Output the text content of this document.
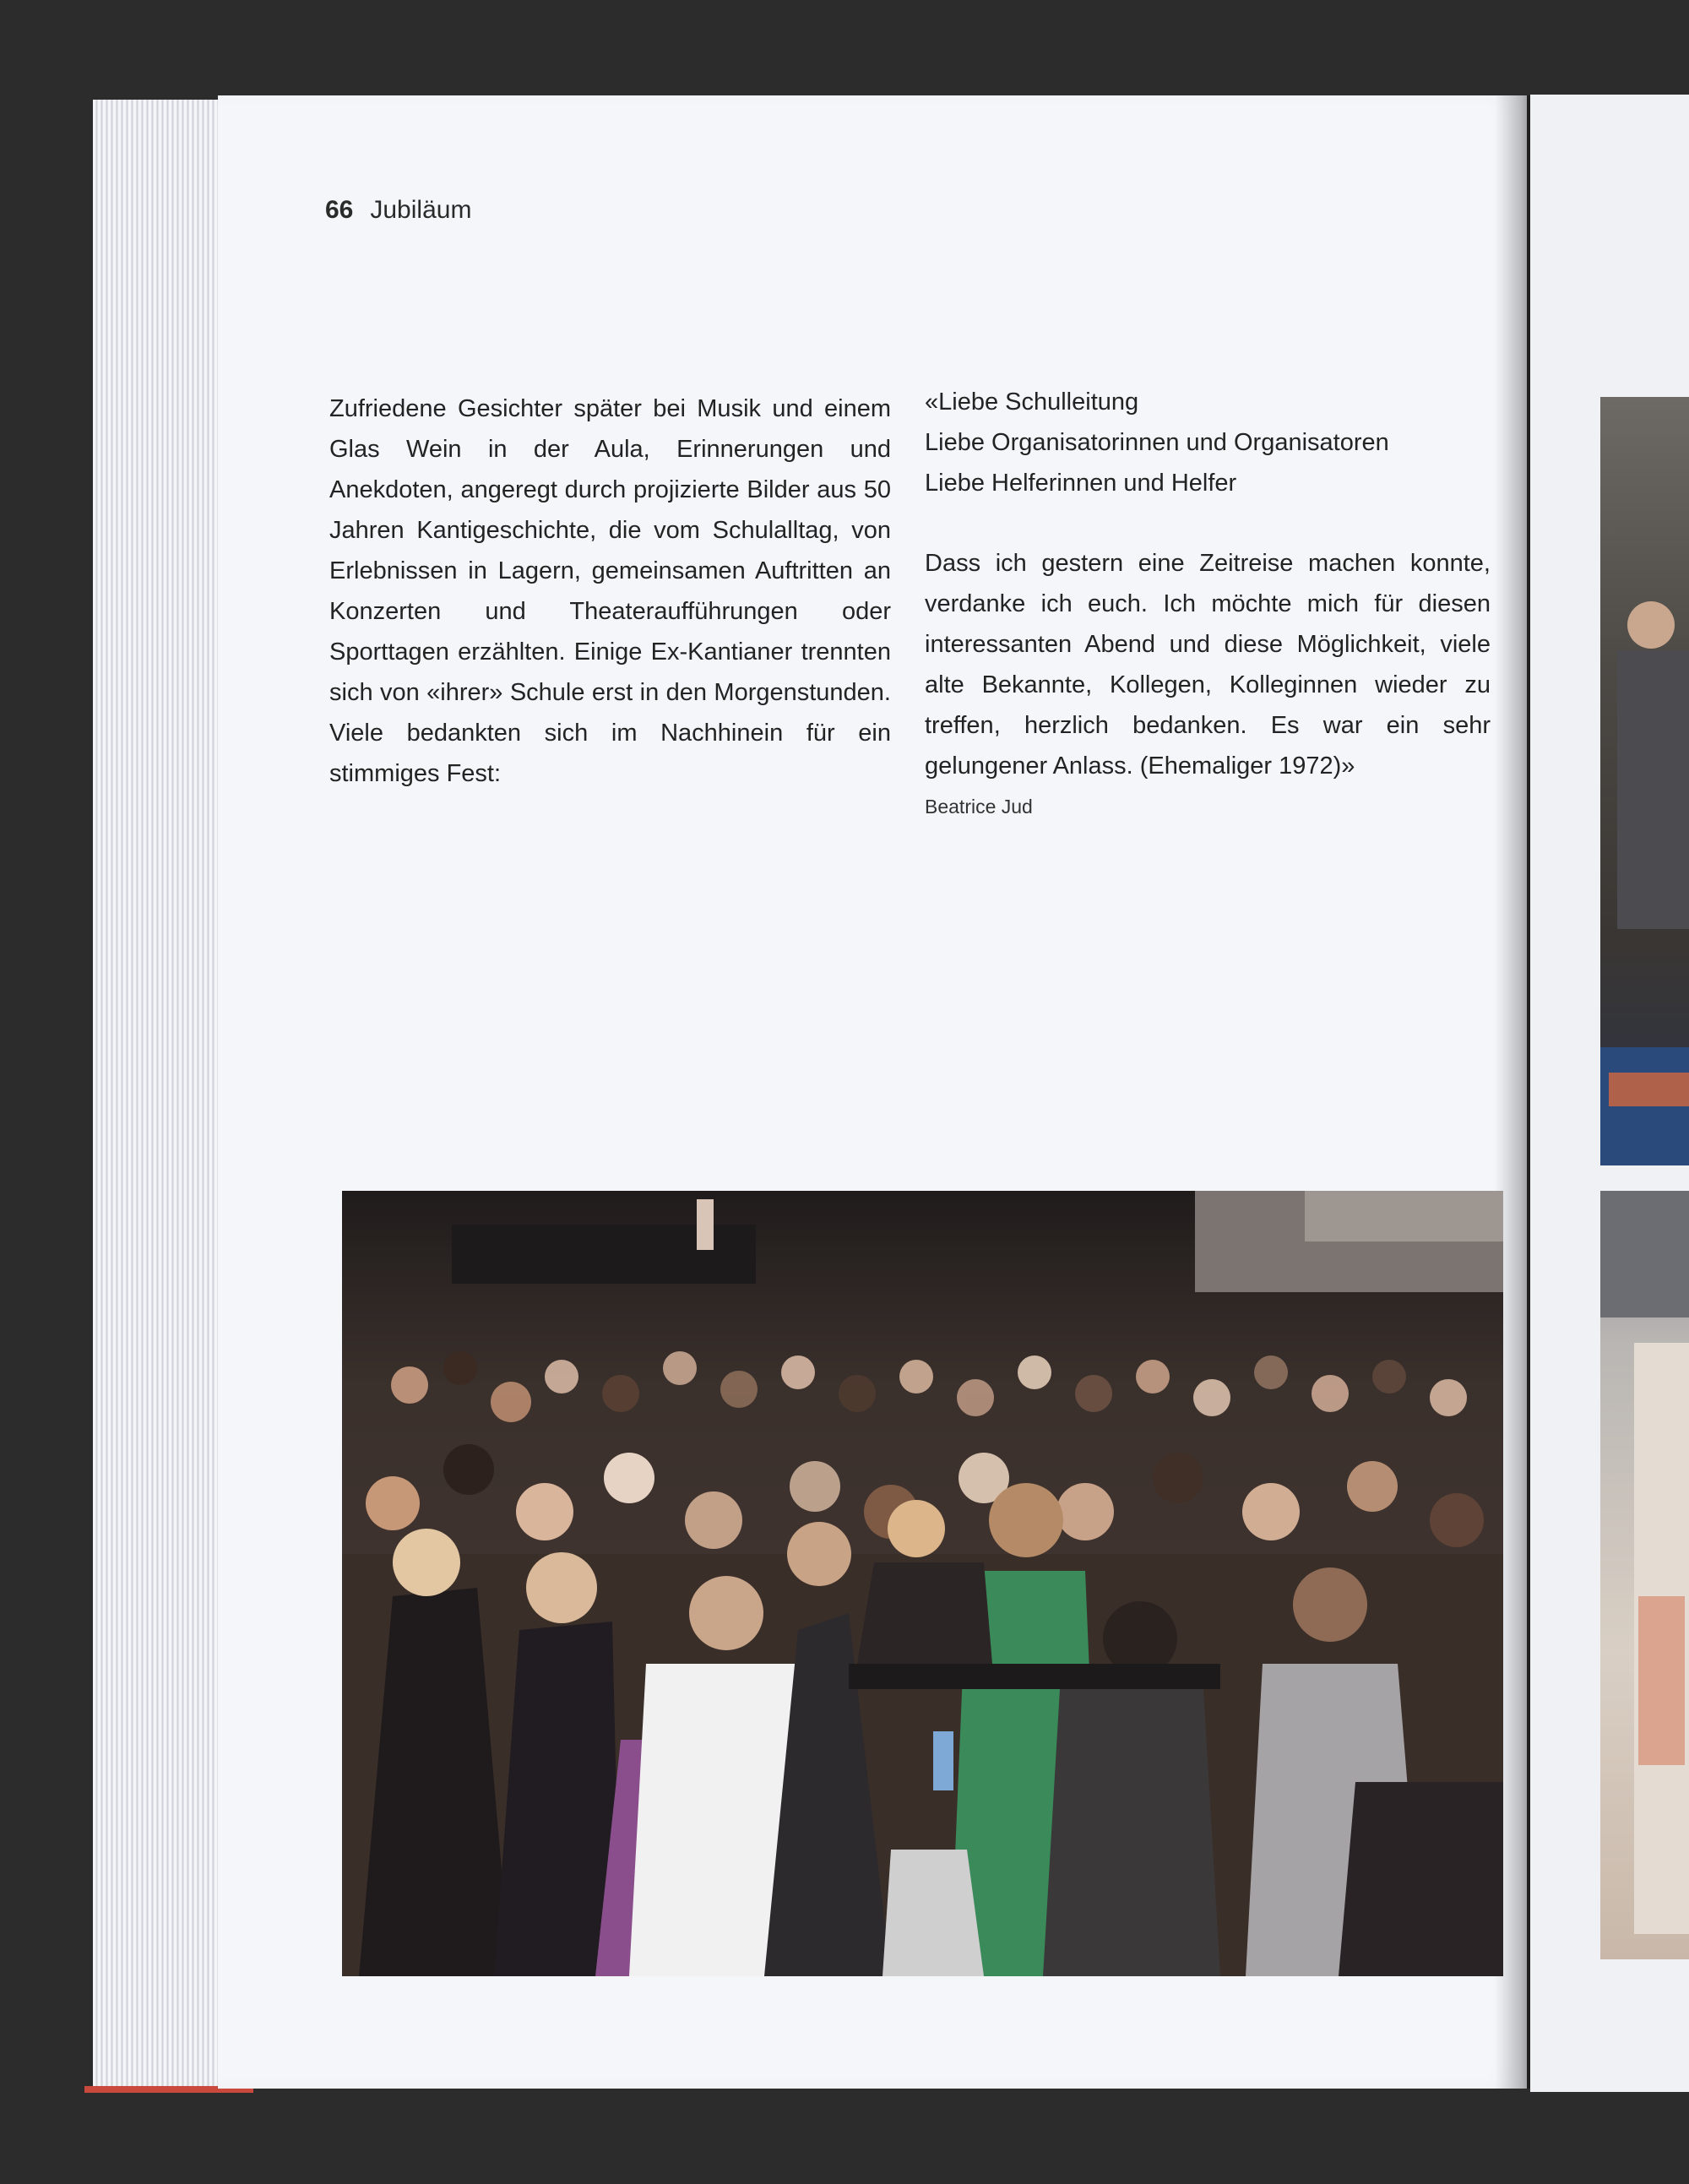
66 Jubiläum
Zufriedene Gesichter später bei Musik und einem Glas Wein in der Aula, Erinnerungen und Anekdoten, angeregt durch projizierte Bilder aus 50 Jahren Kantigeschichte, die vom Schulalltag, von Erlebnissen in Lagern, gemeinsamen Auftritten an Konzerten und Theateraufführungen oder Sporttagen erzählten. Einige Ex-Kantianer trennten sich von «ihrer» Schule erst in den Morgenstunden. Viele bedankten sich im Nachhinein für ein stimmiges Fest:

«Liebe Schulleitung

Liebe Organisatorinnen und Organisatoren

Liebe Helferinnen und Helfer

Dass ich gestern eine Zeitreise machen konnte, verdanke ich euch. Ich möchte mich für diesen interessanten Abend und diese Möglichkeit, viele alte Bekannte, Kollegen, Kolleginnen wieder zu treffen, herzlich bedanken. Es war ein sehr gelungener Anlass. (Ehemaliger 1972)»

Beatrice Jud
